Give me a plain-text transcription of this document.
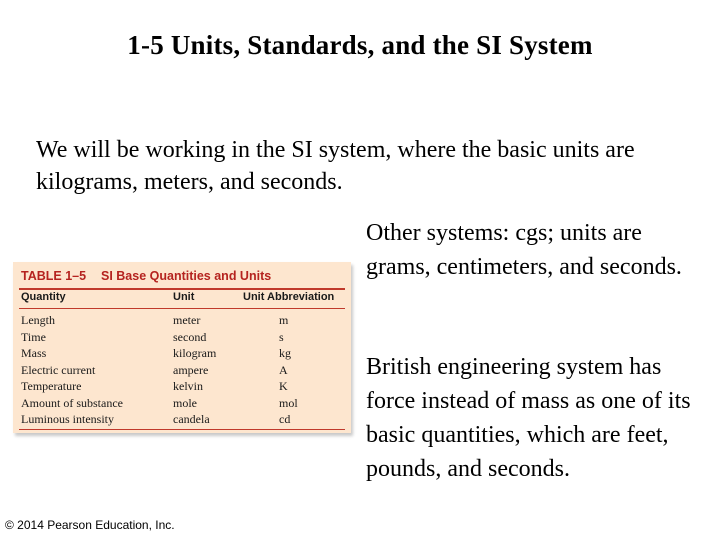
1-5 Units, Standards, and the SI System
We will be working in the SI system, where the basic units are kilograms, meters, and seconds.
TABLE 1–5 SI Base Quantities and Units
Quantity	Unit	Unit Abbreviation
Length	meter	m
Time	second	s
Mass	kilogram	kg
Electric current	ampere	A
Temperature	kelvin	K
Amount of substance	mole	mol
Luminous intensity	candela	cd
Other systems: cgs; units are grams, centimeters, and seconds.
British engineering system has force instead of mass as one of its basic quantities, which are feet, pounds, and seconds.
© 2014 Pearson Education, Inc.
